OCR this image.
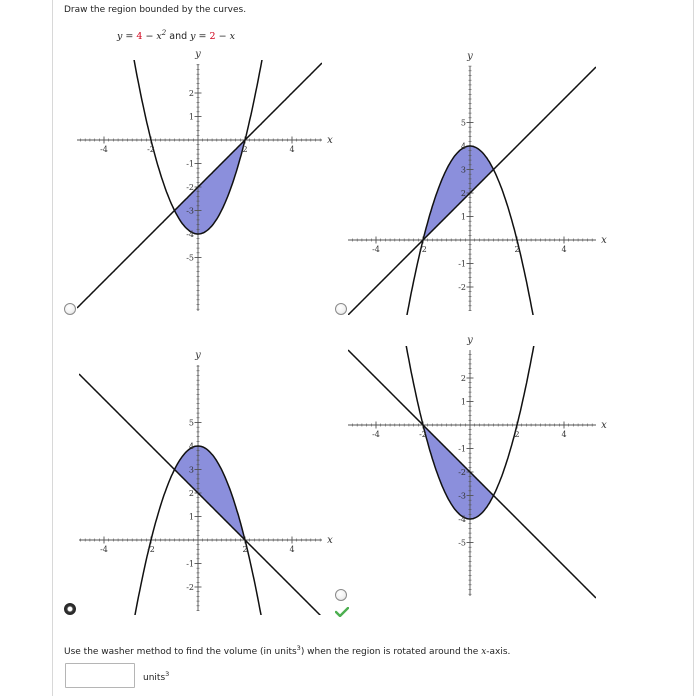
Draw the region bounded by the curves.

$y = 4 - x^2$ and y = 2 − x
-4	-2	2	4
2
1
-1
-2
-3
-4
-5
y
x
-4	-2	2	4
5
4
3
2
1
-1
-2
y
x
-4	-2	2	4
5
4
3
2
1
-1
-2
y
x
-4	-2	2	4
2
1
-1
-2
-3
-4
-5
y
x

Use the washer method to find the volume (in units$^3$) when the region is rotated around the x-axis.

units$^3$
